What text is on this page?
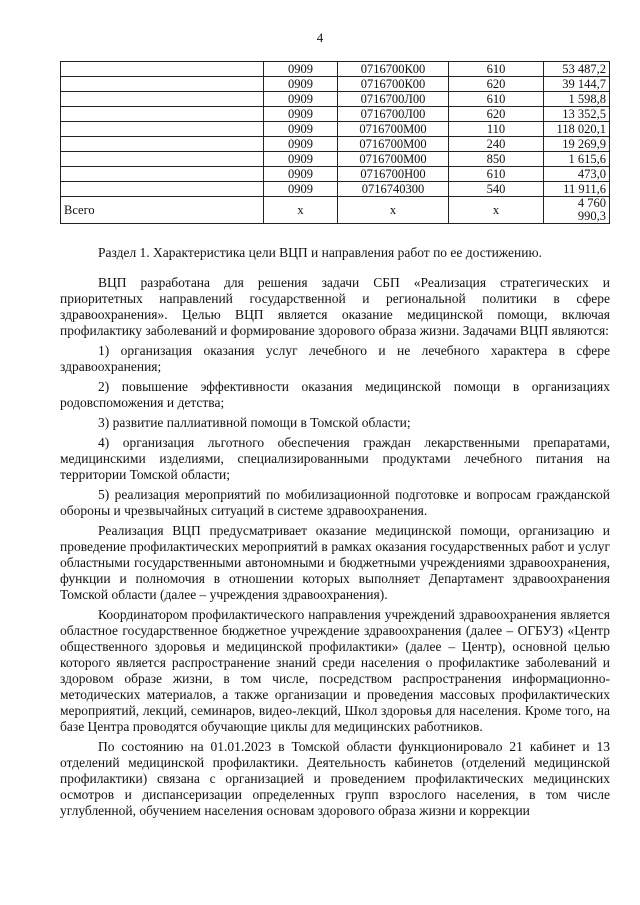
4
	0909	0716700К00	610	53 487,2
	0909	0716700К00	620	39 144,7
	0909	0716700Л00	610	1 598,8
	0909	0716700Л00	620	13 352,5
	0909	0716700М00	110	118 020,1
	0909	0716700М00	240	19 269,9
	0909	0716700М00	850	1 615,6
	0909	0716700Н00	610	473,0
	0909	0716740300	540	11 911,6
Всего	х	х	х	4 760 990,3
Раздел 1. Характеристика цели ВЦП и направления работ по ее достижению.

ВЦП разработана для решения задачи СБП «Реализация стратегических и приоритетных направлений государственной и региональной политики в сфере здравоохранения». Целью ВЦП является оказание медицинской помощи, включая профилактику заболеваний и формирование здорового образа жизни. Задачами ВЦП являются:

1) организация оказания услуг лечебного и не лечебного характера в сфере здравоохранения;

2) повышение эффективности оказания медицинской помощи в организациях родовспоможения и детства;

3) развитие паллиативной помощи в Томской области;

4) организация льготного обеспечения граждан лекарственными препаратами, медицинскими изделиями, специализированными продуктами лечебного питания на территории Томской области;

5) реализация мероприятий по мобилизационной подготовке и вопросам гражданской обороны и чрезвычайных ситуаций в системе здравоохранения.

Реализация ВЦП предусматривает оказание медицинской помощи, организацию и проведение профилактических мероприятий в рамках оказания государственных работ и услуг областными государственными автономными и бюджетными учреждениями здравоохранения, функции и полномочия в отношении которых выполняет Департамент здравоохранения Томской области (далее – учреждения здравоохранения).

Координатором профилактического направления учреждений здравоохранения является областное государственное бюджетное учреждение здравоохранения (далее – ОГБУЗ) «Центр общественного здоровья и медицинской профилактики» (далее – Центр), основной целью которого является распространение знаний среди населения о профилактике заболеваний и здоровом образе жизни, в том числе, посредством распространения информационно-методических материалов, а также организации и проведения массовых профилактических мероприятий, лекций, семинаров, видео-лекций, Школ здоровья для населения. Кроме того, на базе Центра проводятся обучающие циклы для медицинских работников.

По состоянию на 01.01.2023 в Томской области функционировало 21 кабинет и 13 отделений медицинской профилактики. Деятельность кабинетов (отделений медицинской профилактики) связана с организацией и проведением профилактических медицинских осмотров и диспансеризации определенных групп взрослого населения, в том числе углубленной, обучением населения основам здорового образа жизни и коррекции
